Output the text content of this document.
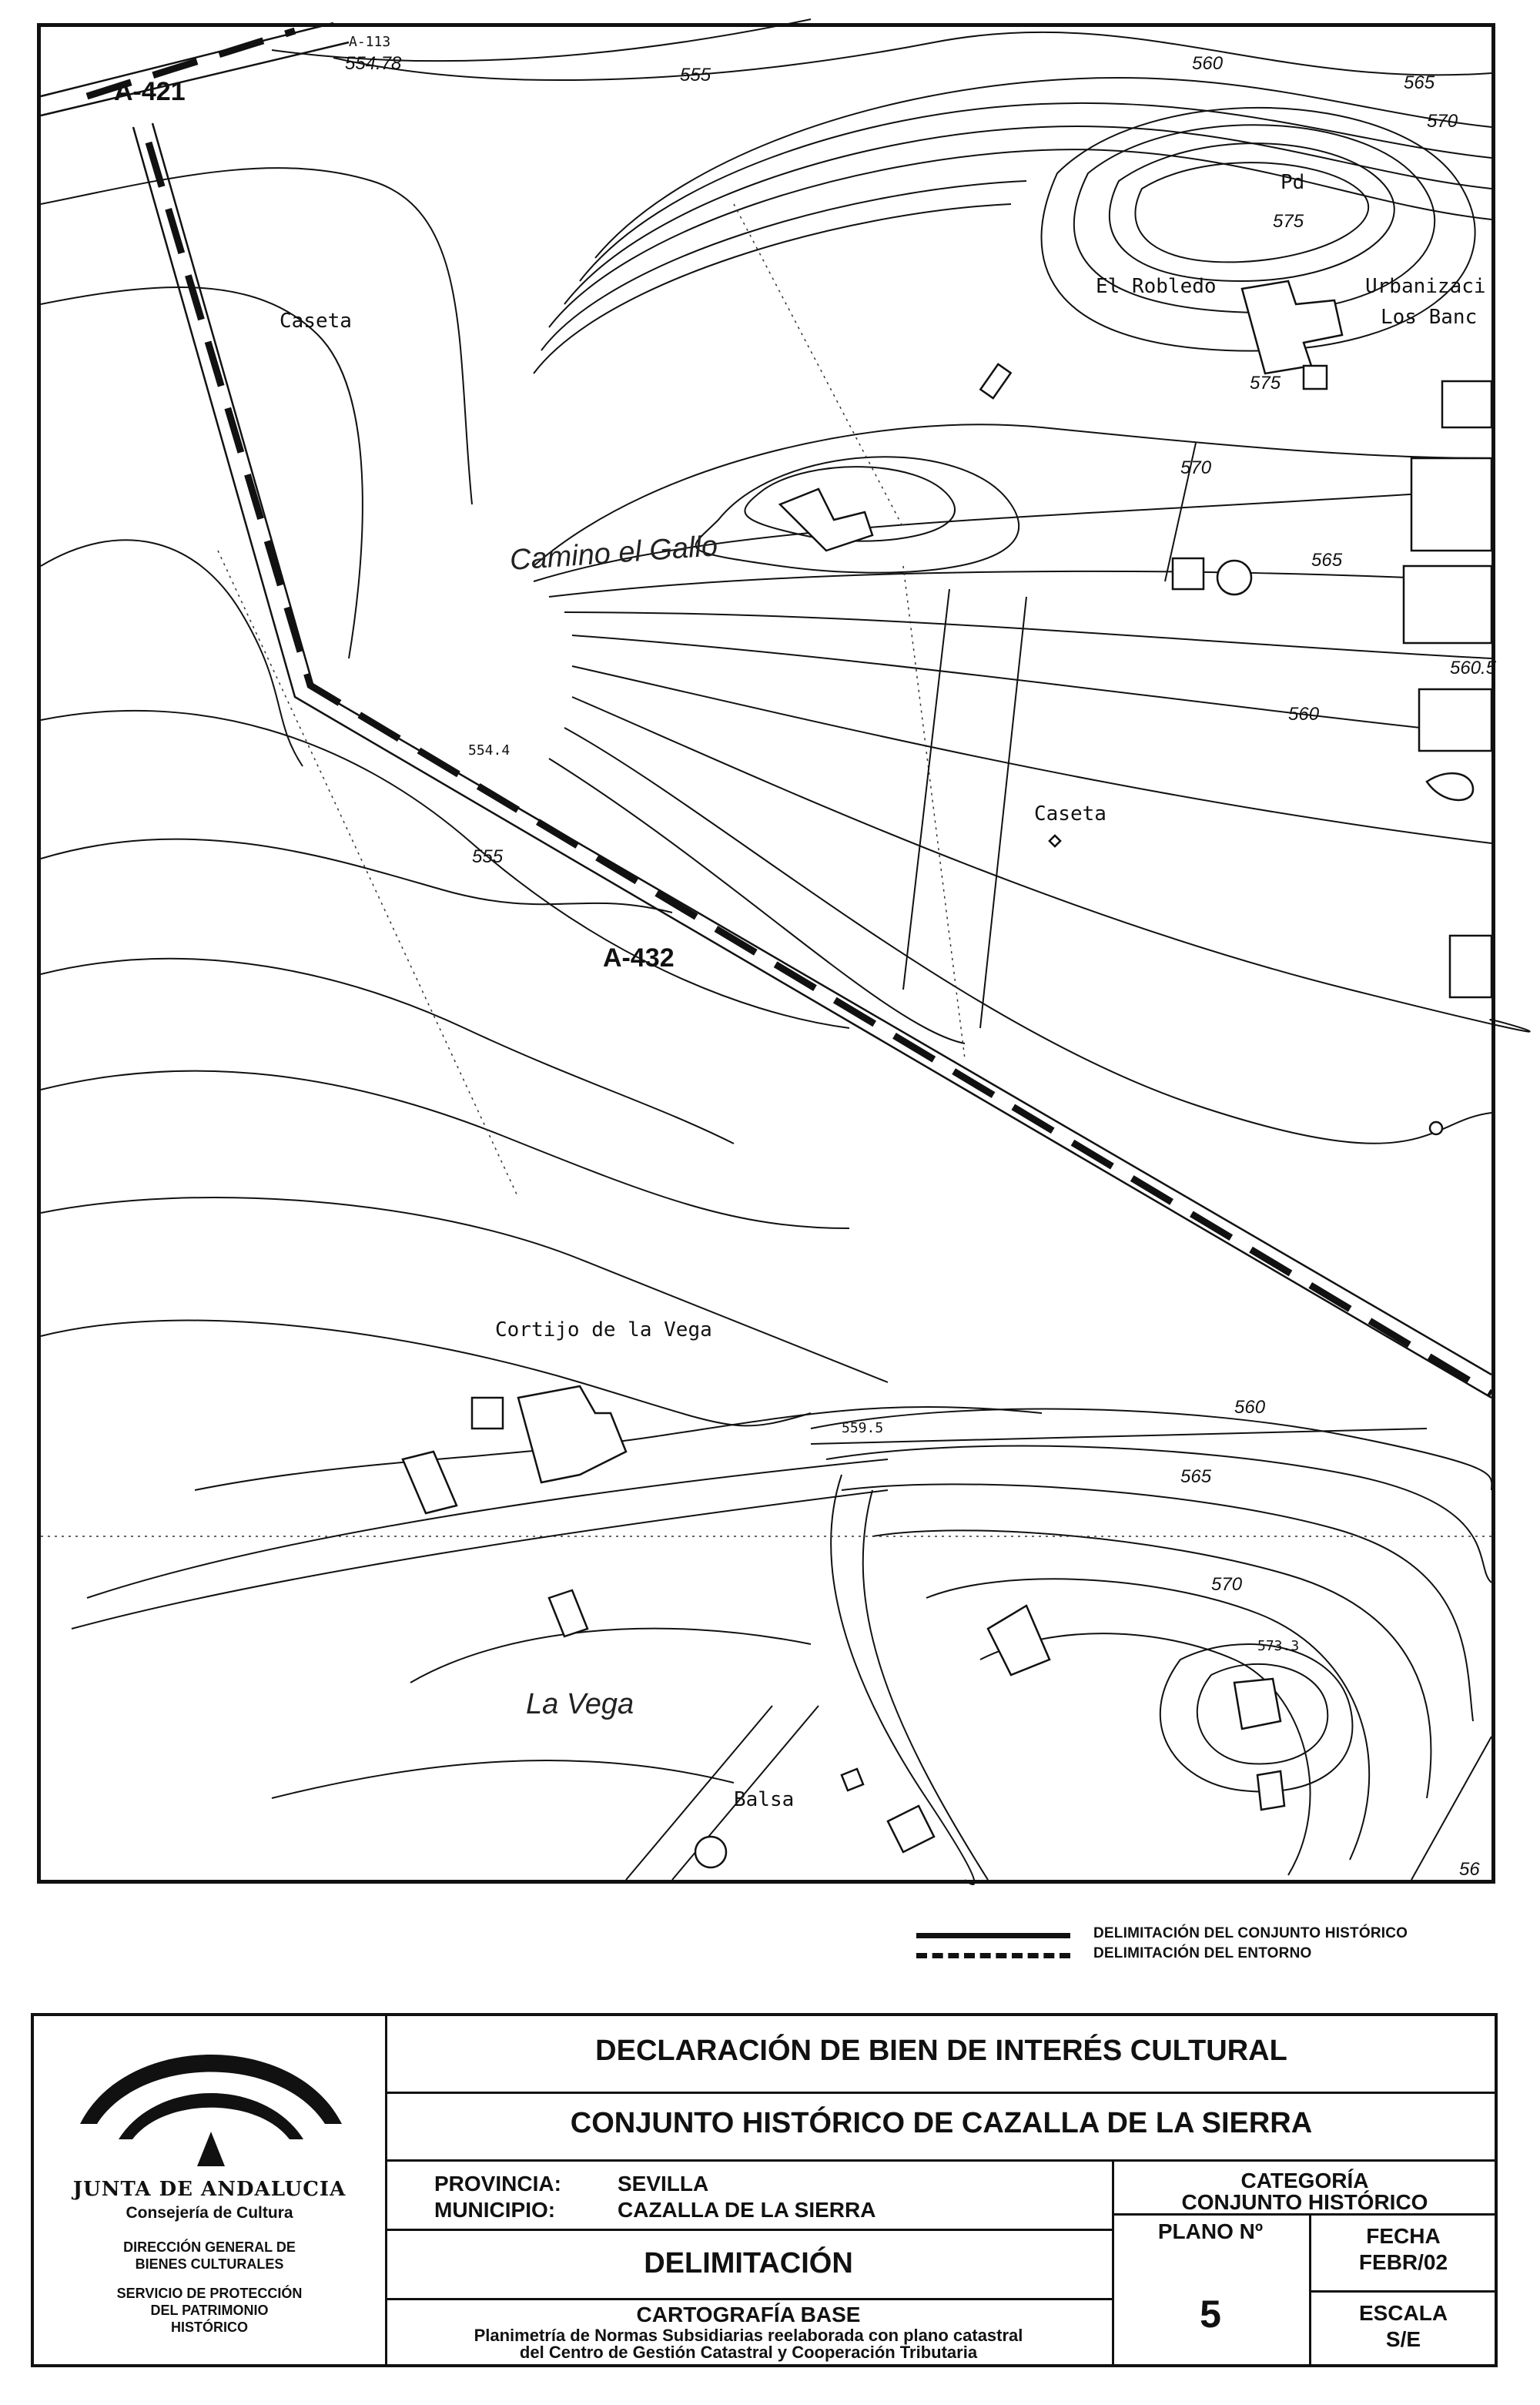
A-421
A-432
Caseta
El Robledo	Urbanizaci
Los Banc
Pd
Camino el Gallo
Caseta
Cortijo de la Vega
La Vega
Balsa
A-113
554.78
555
560
565
570
575
575
570
565
560.5
560
554.4
555
559.5
560
565
570
573.3
56
DELIMITACIÓN DEL CONJUNTO HISTÓRICO
DELIMITACIÓN DEL ENTORNO
JUNTA DE ANDALUCIA
Consejería de Cultura
DIRECCIÓN GENERAL DE
BIENES CULTURALES
SERVICIO DE PROTECCIÓN
DEL PATRIMONIO
HISTÓRICO
DECLARACIÓN DE BIEN DE INTERÉS CULTURAL
CONJUNTO HISTÓRICO DE CAZALLA DE LA SIERRA
PROVINCIA:	SEVILLA
MUNICIPIO:	CAZALLA DE LA SIERRA
CATEGORÍA
CONJUNTO HISTÓRICO
DELIMITACIÓN
PLANO Nº
5
FECHA
FEBR/02
ESCALA
S/E
CARTOGRAFÍA BASE
Planimetría de Normas Subsidiarias reelaborada con plano catastral
del Centro de Gestión Catastral y Cooperación Tributaria
